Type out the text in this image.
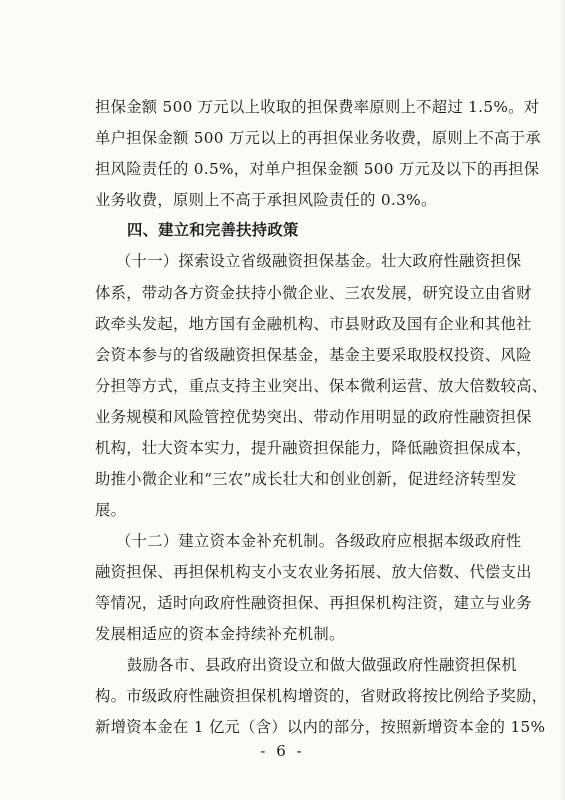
担保金额 500 万元以上收取的担保费率原则上不超过 1.5%。对
单户担保金额 500 万元以上的再担保业务收费，原则上不高于承
担风险责任的 0.5%，对单户担保金额 500 万元及以下的再担保
业务收费，原则上不高于承担风险责任的 0.3%。
四、建立和完善扶持政策
（十一）探索设立省级融资担保基金。壮大政府性融资担保
体系，带动各方资金扶持小微企业、三农发展，研究设立由省财
政牵头发起，地方国有金融机构、市县财政及国有企业和其他社
会资本参与的省级融资担保基金，基金主要采取股权投资、风险
分担等方式，重点支持主业突出、保本微利运营、放大倍数较高、
业务规模和风险管控优势突出、带动作用明显的政府性融资担保
机构，壮大资本实力，提升融资担保能力，降低融资担保成本，
助推小微企业和“三农”成长壮大和创业创新，促进经济转型发
展。
（十二）建立资本金补充机制。各级政府应根据本级政府性
融资担保、再担保机构支小支农业务拓展、放大倍数、代偿支出
等情况，适时向政府性融资担保、再担保机构注资，建立与业务
发展相适应的资本金持续补充机制。
鼓励各市、县政府出资设立和做大做强政府性融资担保机
构。市级政府性融资担保机构增资的，省财政将按比例给予奖励，
新增资本金在 1 亿元（含）以内的部分，按照新增资本金的 15%
- 6 -
